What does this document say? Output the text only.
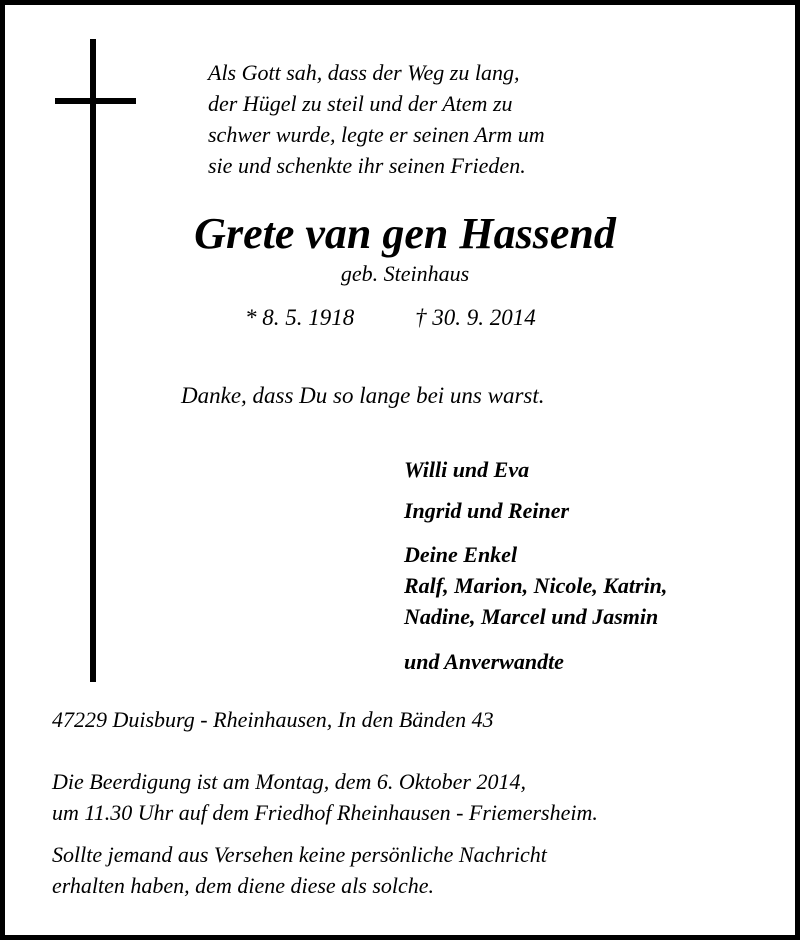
Als Gott sah, dass der Weg zu lang,
der Hügel zu steil und der Atem zu
schwer wurde, legte er seinen Arm um
sie und schenkte ihr seinen Frieden.
Grete van gen Hassend
geb. Steinhaus
* 8. 5. 1918	† 30. 9. 2014
Danke, dass Du so lange bei uns warst.
Willi und Eva
Ingrid und Reiner
Deine Enkel
Ralf, Marion, Nicole, Katrin,
Nadine, Marcel und Jasmin
und Anverwandte
47229 Duisburg - Rheinhausen, In den Bänden 43
Die Beerdigung ist am Montag, dem 6. Oktober 2014,
um 11.30 Uhr auf dem Friedhof Rheinhausen - Friemersheim.
Sollte jemand aus Versehen keine persönliche Nachricht
erhalten haben, dem diene diese als solche.
